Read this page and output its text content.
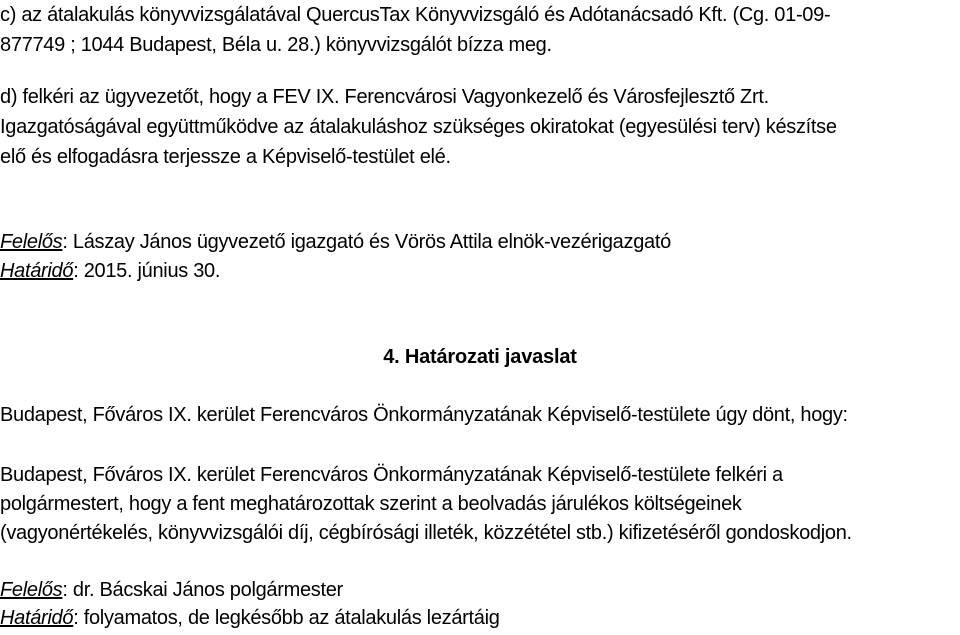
c) az átalakulás könyvvizsgálatával QuercusTax Könyvvizsgáló és Adótanácsadó Kft. (Cg. 01-09-
877749 ; 1044 Budapest, Béla u. 28.) könyvvizsgálót bízza meg.
d) felkéri az ügyvezetőt, hogy a FEV IX. Ferencvárosi Vagyonkezelő és Városfejlesztő Zrt.
Igazgatóságával együttműködve az átalakuláshoz szükséges okiratokat (egyesülési terv) készítse
elő és elfogadásra terjessze a Képviselő-testület elé.
Felelős: Lászay János ügyvezető igazgató és Vörös Attila elnök-vezérigazgató
Határidő: 2015. június 30.
4. Határozati javaslat
Budapest, Főváros IX. kerület Ferencváros Önkormányzatának Képviselő-testülete úgy dönt, hogy:
Budapest, Főváros IX. kerület Ferencváros Önkormányzatának Képviselő-testülete felkéri a
polgármestert, hogy a fent meghatározottak szerint a beolvadás járulékos költségeinek
(vagyonértékelés, könyvvizsgálói díj, cégbírósági illeték, közzététel stb.) kifizetéséről gondoskodjon.
Felelős: dr. Bácskai János polgármester
Határidő: folyamatos, de legkésőbb az átalakulás lezártáig
